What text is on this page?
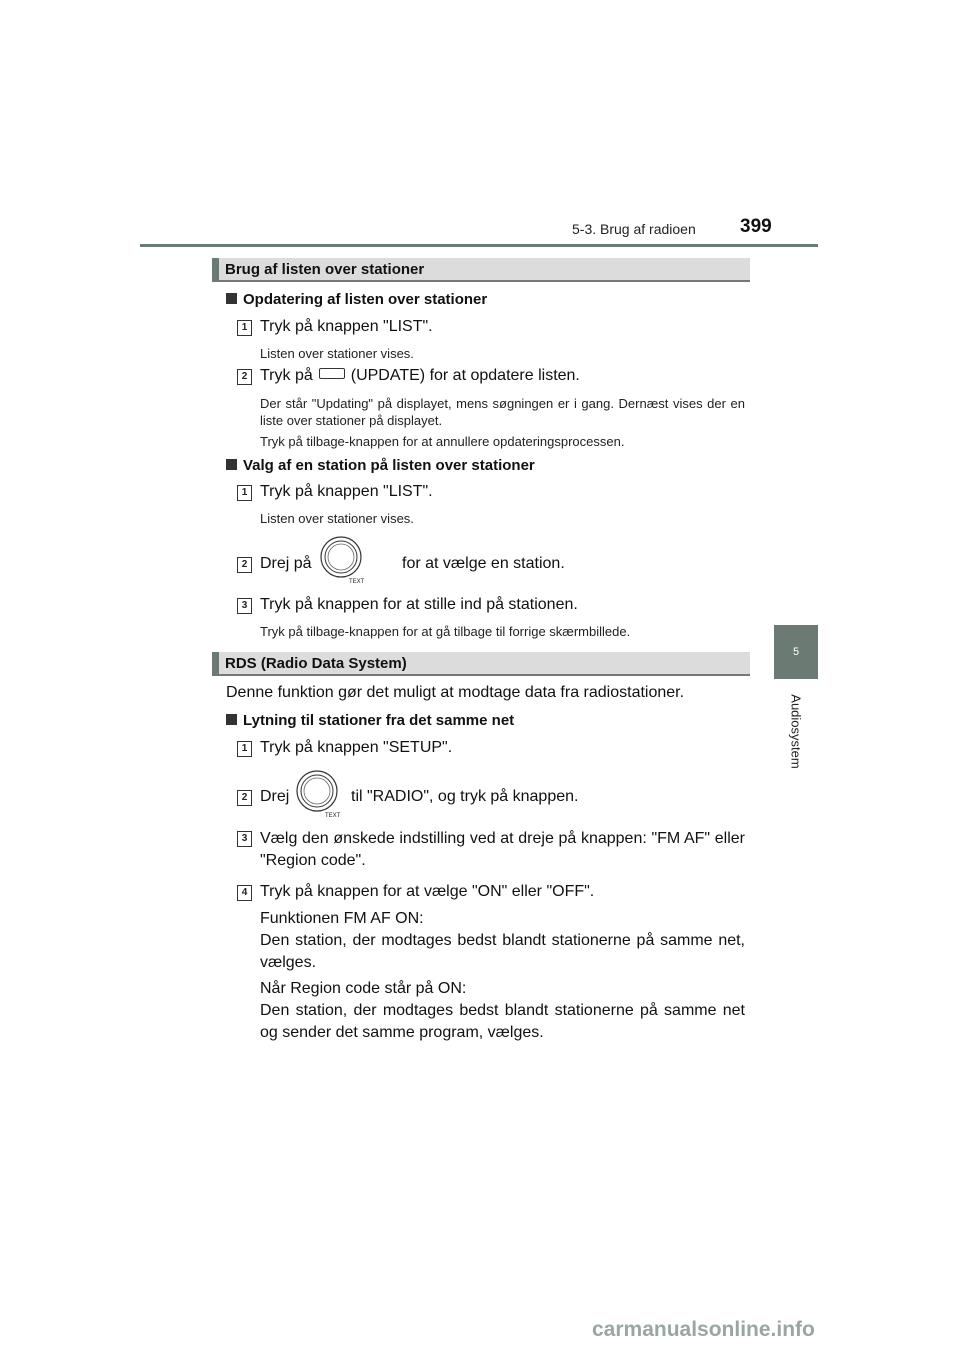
5-3. Brug af radioen 399
5
Audiosystem
Brug af listen over stationer
Opdatering af listen over stationer
1 Tryk på knappen "LIST".
Listen over stationer vises.
2 Tryk på (UPDATE) for at opdatere listen.
Der står "Updating" på displayet, mens søgningen er i gang. Dernæst vises der en liste over stationer på displayet.
Tryk på tilbage-knappen for at annullere opdateringsprocessen.
Valg af en station på listen over stationer
1 Tryk på knappen "LIST".
Listen over stationer vises.
2 Drej på
TEXT
for at vælge en station.
3 Tryk på knappen for at stille ind på stationen.
Tryk på tilbage-knappen for at gå tilbage til forrige skærmbillede.
RDS (Radio Data System)
Denne funktion gør det muligt at modtage data fra radiostationer.
Lytning til stationer fra det samme net
1 Tryk på knappen "SETUP".
2 Drej
TEXT
til "RADIO", og tryk på knappen.
3 Vælg den ønskede indstilling ved at dreje på knappen: "FM AF" eller "Region code".
4 Tryk på knappen for at vælge "ON" eller "OFF".
Funktionen FM AF ON:
Den station, der modtages bedst blandt stationerne på samme net, vælges.
Når Region code står på ON:
Den station, der modtages bedst blandt stationerne på samme net og sender det samme program, vælges.
carmanualsonline.info
